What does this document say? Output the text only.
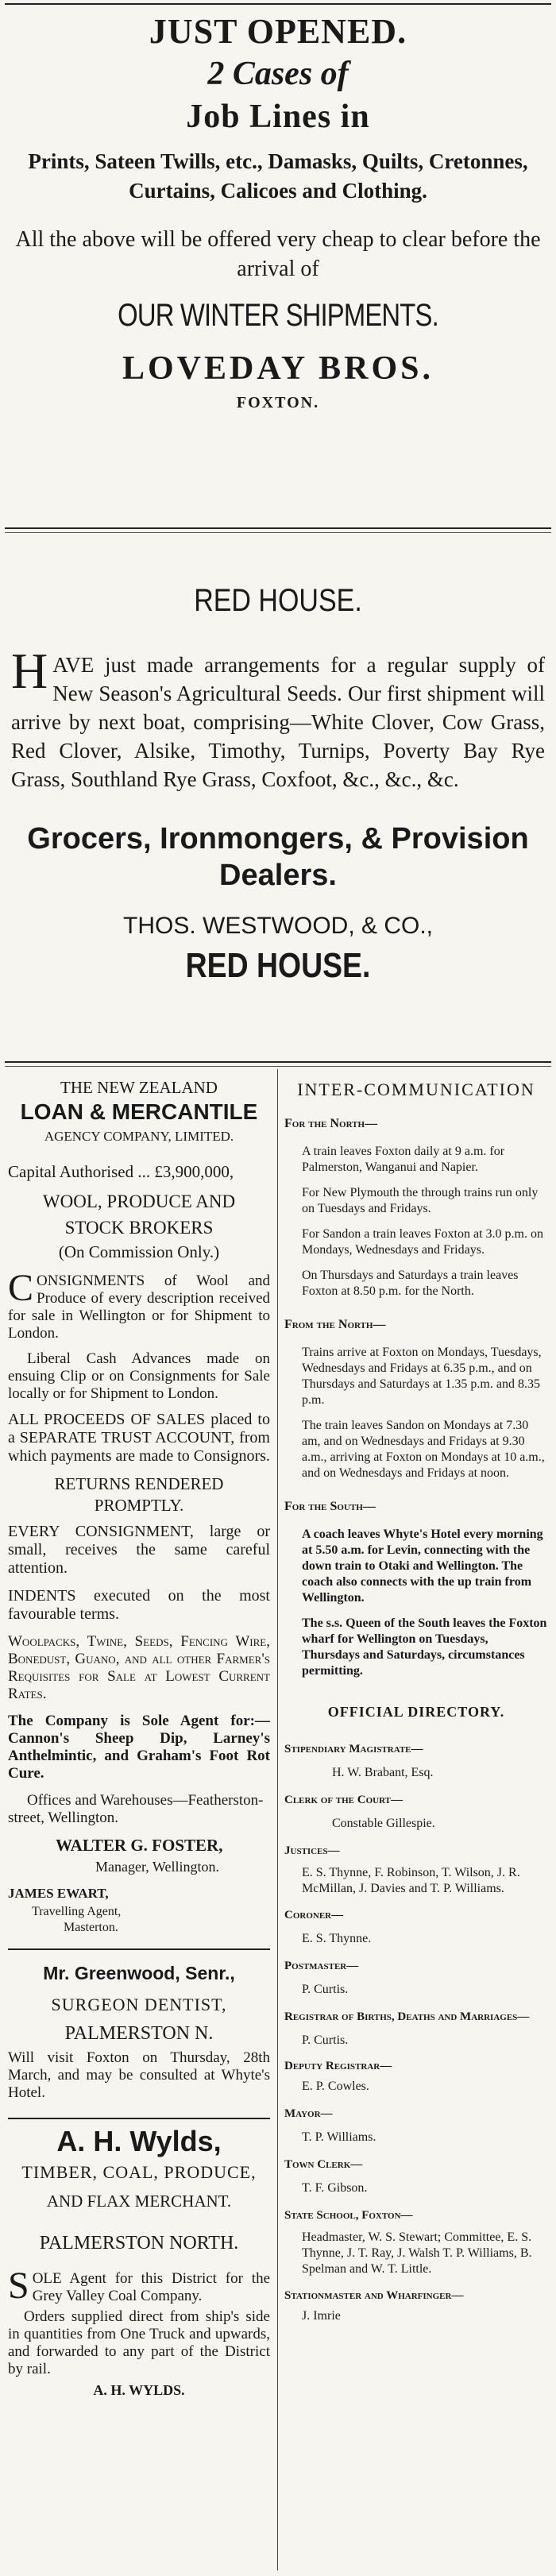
JUST OPENED.
2 Cases of
Job Lines in
Prints, Sateen Twills, etc., Damasks, Quilts, Cretonnes, Curtains, Calicoes and Clothing.
All the above will be offered very cheap to clear before the arrival of
OUR WINTER SHIPMENTS.
LOVEDAY BROS.
FOXTON.
RED HOUSE.
HAVE just made arrangements for a regular supply of New Season's Agricultural Seeds. Our first shipment will arrive by next boat, comprising—White Clover, Cow Grass, Red Clover, Alsike, Timothy, Turnips, Poverty Bay Rye Grass, Southland Rye Grass, Coxfoot, &c., &c., &c.
Grocers, Ironmongers, & Provision Dealers.
THOS. WESTWOOD, & CO.,
RED HOUSE.
THE NEW ZEALAND
LOAN & MERCANTILE
AGENCY COMPANY, LIMITED.
Capital Authorised ... £3,900,000,
WOOL, PRODUCE AND
STOCK BROKERS
(On Commission Only.)
CONSIGNMENTS of Wool and Produce of every description received for sale in Wellington or for Shipment to London.
Liberal Cash Advances made on ensuing Clip or on Consignments for Sale locally or for Shipment to London.
ALL PROCEEDS OF SALES placed to a SEPARATE TRUST ACCOUNT, from which payments are made to Consignors.
RETURNS RENDERED
PROMPTLY.
EVERY CONSIGNMENT, large or small, receives the same careful attention.
INDENTS executed on the most favourable terms.
Woolpacks, Twine, Seeds, Fencing Wire, Bonedust, Guano, and all other Farmer's Requisites for Sale at Lowest Current Rates.
The Company is Sole Agent for:—Cannon's Sheep Dip, Larney's Anthelmintic, and Graham's Foot Rot Cure.
Offices and Warehouses—Featherston-street, Wellington.
WALTER G. FOSTER,
Manager, Wellington.
JAMES EWART,
Travelling Agent,
Masterton.
Mr. Greenwood, Senr.,
SURGEON DENTIST,
PALMERSTON N.
Will visit Foxton on Thursday, 28th March, and may be consulted at Whyte's Hotel.
A. H. Wylds,
TIMBER, COAL, PRODUCE,
AND FLAX MERCHANT.
PALMERSTON NORTH.
SOLE Agent for this District for the Grey Valley Coal Company.
Orders supplied direct from ship's side in quantities from One Truck and upwards, and forwarded to any part of the District by rail.
A. H. WYLDS.
INTER-COMMUNICATION
For the North—
A train leaves Foxton daily at 9 a.m. for Palmerston, Wanganui and Napier.
For New Plymouth the through trains run only on Tuesdays and Fridays.
For Sandon a train leaves Foxton at 3.0 p.m. on Mondays, Wednesdays and Fridays.
On Thursdays and Saturdays a train leaves Foxton at 8.50 p.m. for the North.
From the North—
Trains arrive at Foxton on Mondays, Tuesdays, Wednesdays and Fridays at 6.35 p.m., and on Thursdays and Saturdays at 1.35 p.m. and 8.35 p.m.
The train leaves Sandon on Mondays at 7.30 am, and on Wednesdays and Fridays at 9.30 a.m., arriving at Foxton on Mondays at 10 a.m., and on Wednesdays and Fridays at noon.
For the South—
A coach leaves Whyte's Hotel every morning at 5.50 a.m. for Levin, connecting with the down train to Otaki and Wellington. The coach also connects with the up train from Wellington.
The s.s. Queen of the South leaves the Foxton wharf for Wellington on Tuesdays, Thursdays and Saturdays, circumstances permitting.
OFFICIAL DIRECTORY.
Stipendiary Magistrate—
H. W. Brabant, Esq.
Clerk of the Court—
Constable Gillespie.
Justices—
E. S. Thynne, F. Robinson, T. Wilson, J. R. McMillan, J. Davies and T. P. Williams.
Coroner—
E. S. Thynne.
Postmaster—
P. Curtis.
Registrar of Births, Deaths and Marriages—
P. Curtis.
Deputy Registrar—
E. P. Cowles.
Mayor—
T. P. Williams.
Town Clerk—
T. F. Gibson.
State School, Foxton—
Headmaster, W. S. Stewart; Committee, E. S. Thynne, J. T. Ray, J. Walsh T. P. Williams, B. Spelman and W. T. Little.
Stationmaster and Wharfinger—
J. Imrie
